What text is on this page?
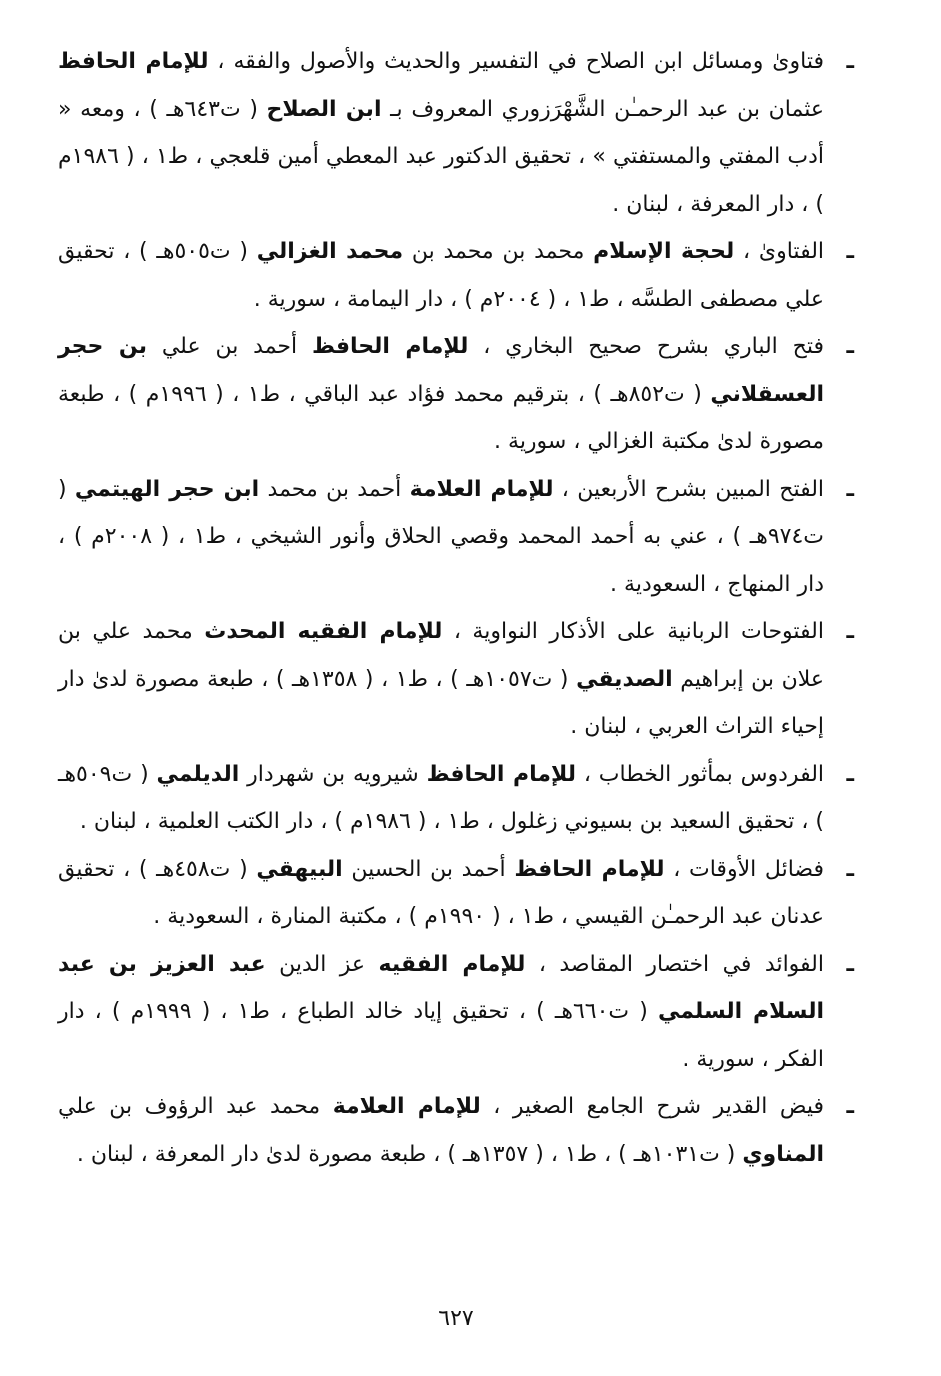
ـ
فتاوىٰ ومسائل ابن الصلاح في التفسير والحديث والأصول والفقه ، للإمام الحافظ عثمان بن عبد الرحمـٰن الشَّهْرَزوري المعروف بـ ابن الصلاح ( ت٦٤٣هـ ) ، ومعه « أدب المفتي والمستفتي » ، تحقيق الدكتور عبد المعطي أمين قلعجي ، ط١ ، ( ١٩٨٦م ) ، دار المعرفة ، لبنان .
ـ
الفتاوىٰ ، لحجة الإسلام محمد بن محمد بن محمد الغزالي ( ت٥٠٥هـ ) ، تحقيق علي مصطفى الطسَّه ، ط١ ، ( ٢٠٠٤م ) ، دار اليمامة ، سورية .
ـ
فتح الباري بشرح صحيح البخاري ، للإمام الحافظ أحمد بن علي بن حجر العسقلاني ( ت٨٥٢هـ ) ، بترقيم محمد فؤاد عبد الباقي ، ط١ ، ( ١٩٩٦م ) ، طبعة مصورة لدىٰ مكتبة الغزالي ، سورية .
ـ
الفتح المبين بشرح الأربعين ، للإمام العلامة أحمد بن محمد ابن حجر الهيتمي ( ت٩٧٤هـ ) ، عني به أحمد المحمد وقصي الحلاق وأنور الشيخي ، ط١ ، ( ٢٠٠٨م ) ، دار المنهاج ، السعودية .
ـ
الفتوحات الربانية على الأذكار النواوية ، للإمام الفقيه المحدث محمد علي بن علان بن إبراهيم الصديقي ( ت١٠٥٧هـ ) ، ط١ ، ( ١٣٥٨هـ ) ، طبعة مصورة لدىٰ دار إحياء التراث العربي ، لبنان .
ـ
الفردوس بمأثور الخطاب ، للإمام الحافظ شيرويه بن شهردار الديلمي ( ت٥٠٩هـ ) ، تحقيق السعيد بن بسيوني زغلول ، ط١ ، ( ١٩٨٦م ) ، دار الكتب العلمية ، لبنان .
ـ
فضائل الأوقات ، للإمام الحافظ أحمد بن الحسين البيهقي ( ت٤٥٨هـ ) ، تحقيق عدنان عبد الرحمـٰن القيسي ، ط١ ، ( ١٩٩٠م ) ، مكتبة المنارة ، السعودية .
ـ
الفوائد في اختصار المقاصد ، للإمام الفقيه عز الدين عبد العزيز بن عبد السلام السلمي ( ت٦٦٠هـ ) ، تحقيق إياد خالد الطباع ، ط١ ، ( ١٩٩٩م ) ، دار الفكر ، سورية .
ـ
فيض القدير شرح الجامع الصغير ، للإمام العلامة محمد عبد الرؤوف بن علي المناوي ( ت١٠٣١هـ ) ، ط١ ، ( ١٣٥٧هـ ) ، طبعة مصورة لدىٰ دار المعرفة ، لبنان .
٦٢٧
